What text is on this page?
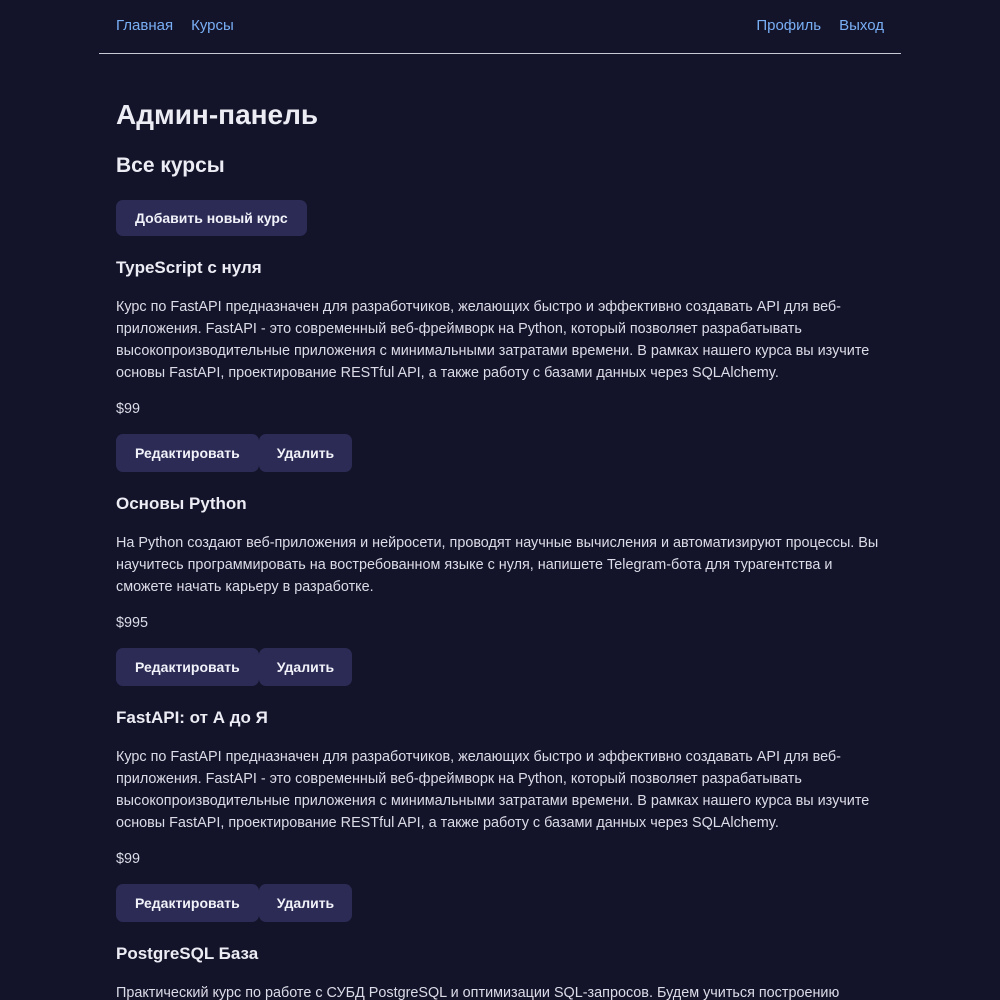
Главная Курсы	Профиль Выход
Админ-панель
Все курсы
Добавить новый курс
TypeScript с нуля

Курс по FastAPI предназначен для разработчиков, желающих быстро и эффективно создавать API для веб-приложения. FastAPI - это современный веб-фреймворк на Python, который позволяет разрабатывать высокопроизводительные приложения с минимальными затратами времени. В рамках нашего курса вы изучите основы FastAPI, проектирование RESTful API, а также работу с базами данных через SQLAlchemy.

$99

Редактировать	Удалить
Основы Python

На Python создают веб-приложения и нейросети, проводят научные вычисления и автоматизируют процессы. Вы научитесь программировать на востребованном языке с нуля, напишете Telegram-бота для турагентства и сможете начать карьеру в разработке.

$995

Редактировать	Удалить
FastAPI: от А до Я

Курс по FastAPI предназначен для разработчиков, желающих быстро и эффективно создавать API для веб-приложения. FastAPI - это современный веб-фреймворк на Python, который позволяет разрабатывать высокопроизводительные приложения с минимальными затратами времени. В рамках нашего курса вы изучите основы FastAPI, проектирование RESTful API, а также работу с базами данных через SQLAlchemy.

$99

Редактировать	Удалить
PostgreSQL База

Практический курс по работе с СУБД PostgreSQL и оптимизации SQL-запросов. Будем учиться построению
